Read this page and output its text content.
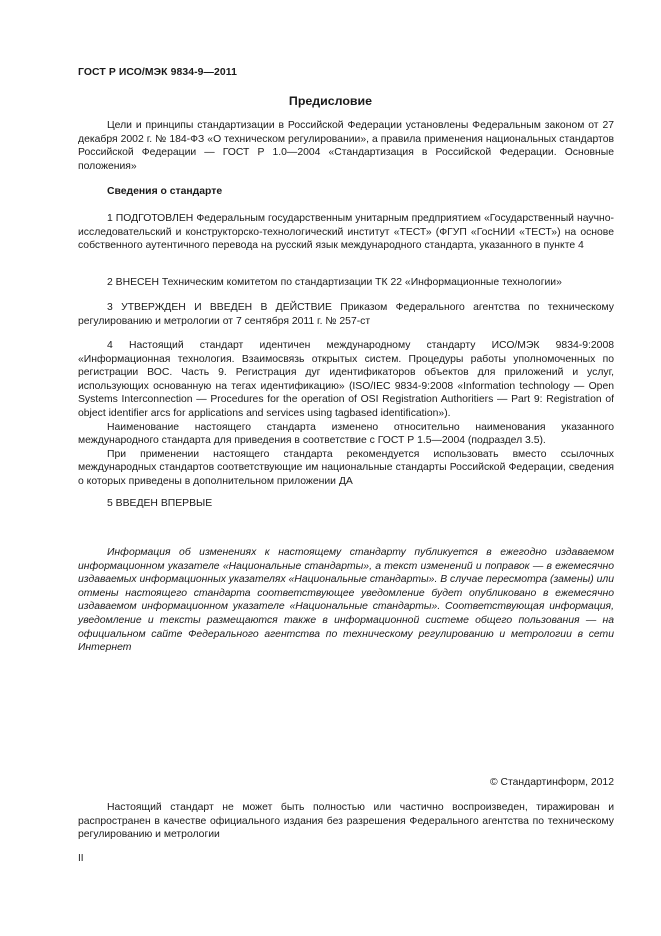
ГОСТ Р ИСО/МЭК 9834-9—2011
Предисловие

Цели и принципы стандартизации в Российской Федерации установлены Федеральным законом от 27 декабря 2002 г. № 184-ФЗ «О техническом регулировании», а правила применения национальных стандартов Российской Федерации — ГОСТ Р 1.0—2004 «Стандартизация в Российской Федерации. Основные положения»

Сведения о стандарте

1 ПОДГОТОВЛЕН Федеральным государственным унитарным предприятием «Государственный научно-исследовательский и конструкторско-технологический институт «ТЕСТ» (ФГУП «ГосНИИ «ТЕСТ») на основе собственного аутентичного перевода на русский язык международного стандарта, указанного в пункте 4

2 ВНЕСЕН Техническим комитетом по стандартизации ТК 22 «Информационные технологии»

3 УТВЕРЖДЕН И ВВЕДЕН В ДЕЙСТВИЕ Приказом Федерального агентства по техническому регулированию и метрологии от 7 сентября 2011 г. № 257-ст

4 Настоящий стандарт идентичен международному стандарту ИСО/МЭК 9834-9:2008 «Информационная технология. Взаимосвязь открытых систем. Процедуры работы уполномоченных по регистрации ВОС. Часть 9. Регистрация дуг идентификаторов объектов для приложений и услуг, использующих основанную на тегах идентификацию» (ISO/IEC 9834-9:2008 «Information technology — Open Systems Interconnection — Procedures for the operation of OSI Registration Authoritiers — Part 9: Registration of object identifier arcs for applications and services using tagbased identification»).

Наименование настоящего стандарта изменено относительно наименования указанного международного стандарта для приведения в соответствие с ГОСТ Р 1.5—2004 (подраздел 3.5).

При применении настоящего стандарта рекомендуется использовать вместо ссылочных международных стандартов соответствующие им национальные стандарты Российской Федерации, сведения о которых приведены в дополнительном приложении ДА

5 ВВЕДЕН ВПЕРВЫЕ

Информация об изменениях к настоящему стандарту публикуется в ежегодно издаваемом информационном указателе «Национальные стандарты», а текст изменений и поправок — в ежемесячно издаваемых информационных указателях «Национальные стандарты». В случае пересмотра (замены) или отмены настоящего стандарта соответствующее уведомление будет опубликовано в ежемесячно издаваемом информационном указателе «Национальные стандарты». Соответствующая информация, уведомление и тексты размещаются также в информационной системе общего пользования — на официальном сайте Федерального агентства по техническому регулированию и метрологии в сети Интернет

© Стандартинформ, 2012

Настоящий стандарт не может быть полностью или частично воспроизведен, тиражирован и распространен в качестве официального издания без разрешения Федерального агентства по техническому регулированию и метрологии

II
